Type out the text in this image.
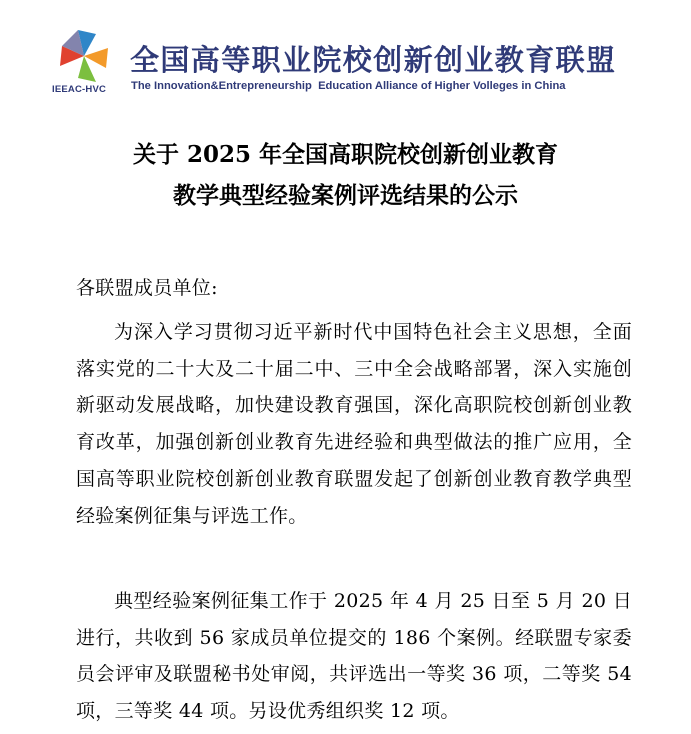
IEEAC-HVC
全国高等职业院校创新创业教育联盟
The Innovation&Entrepreneurship  Education Alliance of Higher Volleges in China
关于 2025 年全国高职院校创新创业教育
教学典型经验案例评选结果的公示
各联盟成员单位:
为深入学习贯彻习近平新时代中国特色社会主义思想，全面落实党的二十大及二十届二中、三中全会战略部署，深入实施创新驱动发展战略，加快建设教育强国，深化高职院校创新创业教育改革，加强创新创业教育先进经验和典型做法的推广应用，全国高等职业院校创新创业教育联盟发起了创新创业教育教学典型经验案例征集与评选工作。
典型经验案例征集工作于 2025 年 4 月 25 日至 5 月 20 日进行，共收到 56 家成员单位提交的 186 个案例。经联盟专家委员会评审及联盟秘书处审阅，共评选出一等奖 36 项，二等奖 54 项，三等奖 44 项。另设优秀组织奖 12 项。
